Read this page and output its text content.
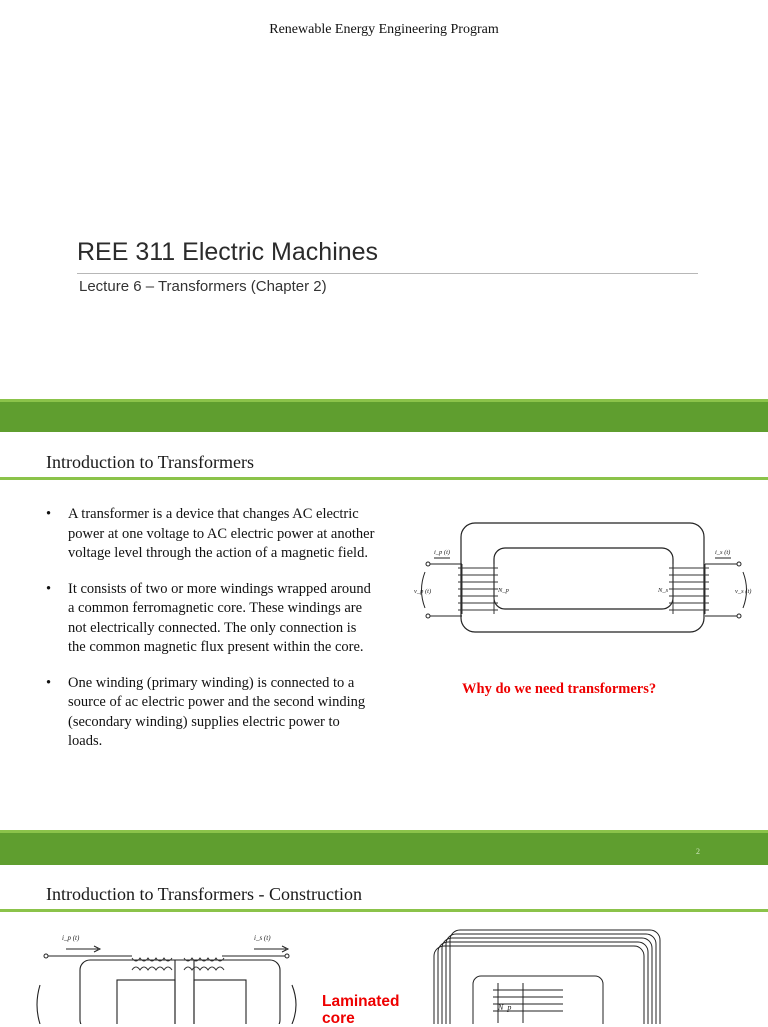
Renewable Energy Engineering Program
REE 311 Electric Machines
Lecture 6 – Transformers (Chapter 2)
Introduction to Transformers
• A transformer is a device that changes AC electric power at one voltage to AC electric power at another voltage level through the action of a magnetic field.
• It consists of two or more windings wrapped around a common ferromagnetic core. These windings are not electrically connected. The only connection is the common magnetic flux present within the core.
• One winding (primary winding) is connected to a source of ac electric power and the second winding (secondary winding) supplies electric power to loads.
i_p (t)	i_s (t)
v_p (t)	v_s (t)
N_p	N_s
Why do we need transformers?
2
Introduction to Transformers - Construction
i_p (t)	i_s (t)
Laminated core
N_p
